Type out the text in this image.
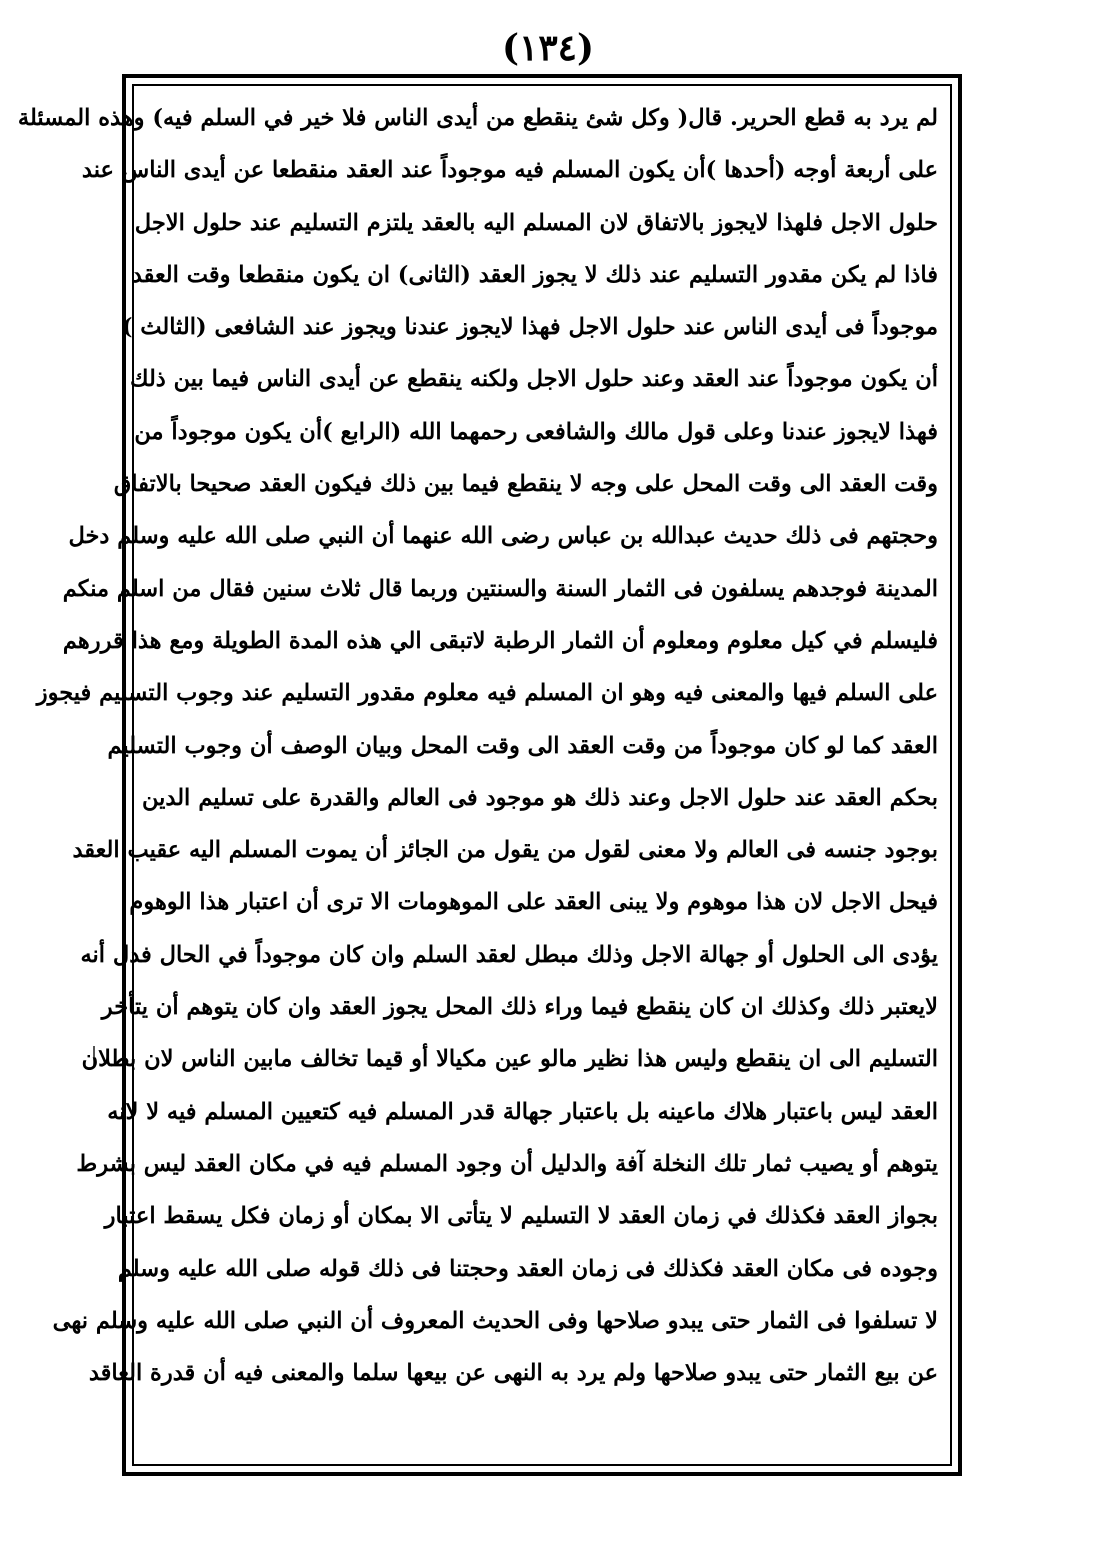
(١٣٤)
لم يرد به قطع الحرير. قال( وكل شئ ينقطع من أيدى الناس فلا خير في السلم فيه) وهذه المسئلة
على أربعة أوجه (أحدها )أن يكون المسلم فيه موجوداً عند العقد منقطعا عن أيدى الناس عند
حلول الاجل فلهذا لايجوز بالاتفاق لان المسلم اليه بالعقد يلتزم التسليم عند حلول الاجل
فاذا لم يكن مقدور التسليم عند ذلك لا يجوز العقد (الثانى) ان يكون منقطعا وقت العقد
موجوداً فى أيدى الناس عند حلول الاجل فهذا لايجوز عندنا ويجوز عند الشافعى (الثالث )
أن يكون موجوداً عند العقد وعند حلول الاجل ولكنه ينقطع عن أيدى الناس فيما بين ذلك
فهذا لايجوز عندنا وعلى قول مالك والشافعى رحمهما الله (الرابع )أن يكون موجوداً من
وقت العقد الى وقت المحل على وجه لا ينقطع فيما بين ذلك فيكون العقد صحيحا بالاتفاق
وحجتهم فى ذلك حديث عبدالله بن عباس رضى الله عنهما أن النبي صلى الله عليه وسلم دخل
المدينة فوجدهم يسلفون فى الثمار السنة والسنتين وربما قال ثلاث سنين فقال من اسلم منكم
فليسلم في كيل معلوم ومعلوم أن الثمار الرطبة لاتبقى الي هذه المدة الطويلة ومع هذا قررهم
على السلم فيها والمعنى فيه وهو ان المسلم فيه معلوم مقدور التسليم عند وجوب التسليم فيجوز
العقد كما لو كان موجوداً من وقت العقد الى وقت المحل وبيان الوصف أن وجوب التسليم
بحكم العقد عند حلول الاجل وعند ذلك هو موجود فى العالم والقدرة على تسليم الدين
بوجود جنسه فى العالم ولا معنى لقول من يقول من الجائز أن يموت المسلم اليه عقيب العقد
فيحل الاجل لان هذا موهوم ولا يبنى العقد على الموهومات الا ترى أن اعتبار هذا الوهوم
يؤدى الى الحلول أو جهالة الاجل وذلك مبطل لعقد السلم وان كان موجوداً في الحال فدل أنه
لايعتبر ذلك وكذلك ان كان ينقطع فيما وراء ذلك المحل يجوز العقد وان كان يتوهم أن يتأخر
التسليم الى ان ينقطع وليس هذا نظير مالو عين مكيالا أو قيما تخالف مابين الناس لان بطلان
العقد ليس باعتبار هلاك ماعينه بل باعتبار جهالة قدر المسلم فيه كتعيين المسلم فيه لا لانه
يتوهم أو يصيب ثمار تلك النخلة آفة والدليل أن وجود المسلم فيه في مكان العقد ليس بشرط
بجواز العقد فكذلك في زمان العقد لا التسليم لا يتأتى الا بمكان أو زمان فكل يسقط اعتبار
وجوده فى مكان العقد فكذلك فى زمان العقد وحجتنا فى ذلك قوله صلى الله عليه وسلم
لا تسلفوا فى الثمار حتى يبدو صلاحها وفى الحديث المعروف أن النبي صلى الله عليه وسلم نهى
عن بيع الثمار حتى يبدو صلاحها ولم يرد به النهى عن بيعها سلما والمعنى فيه أن قدرة العاقد
